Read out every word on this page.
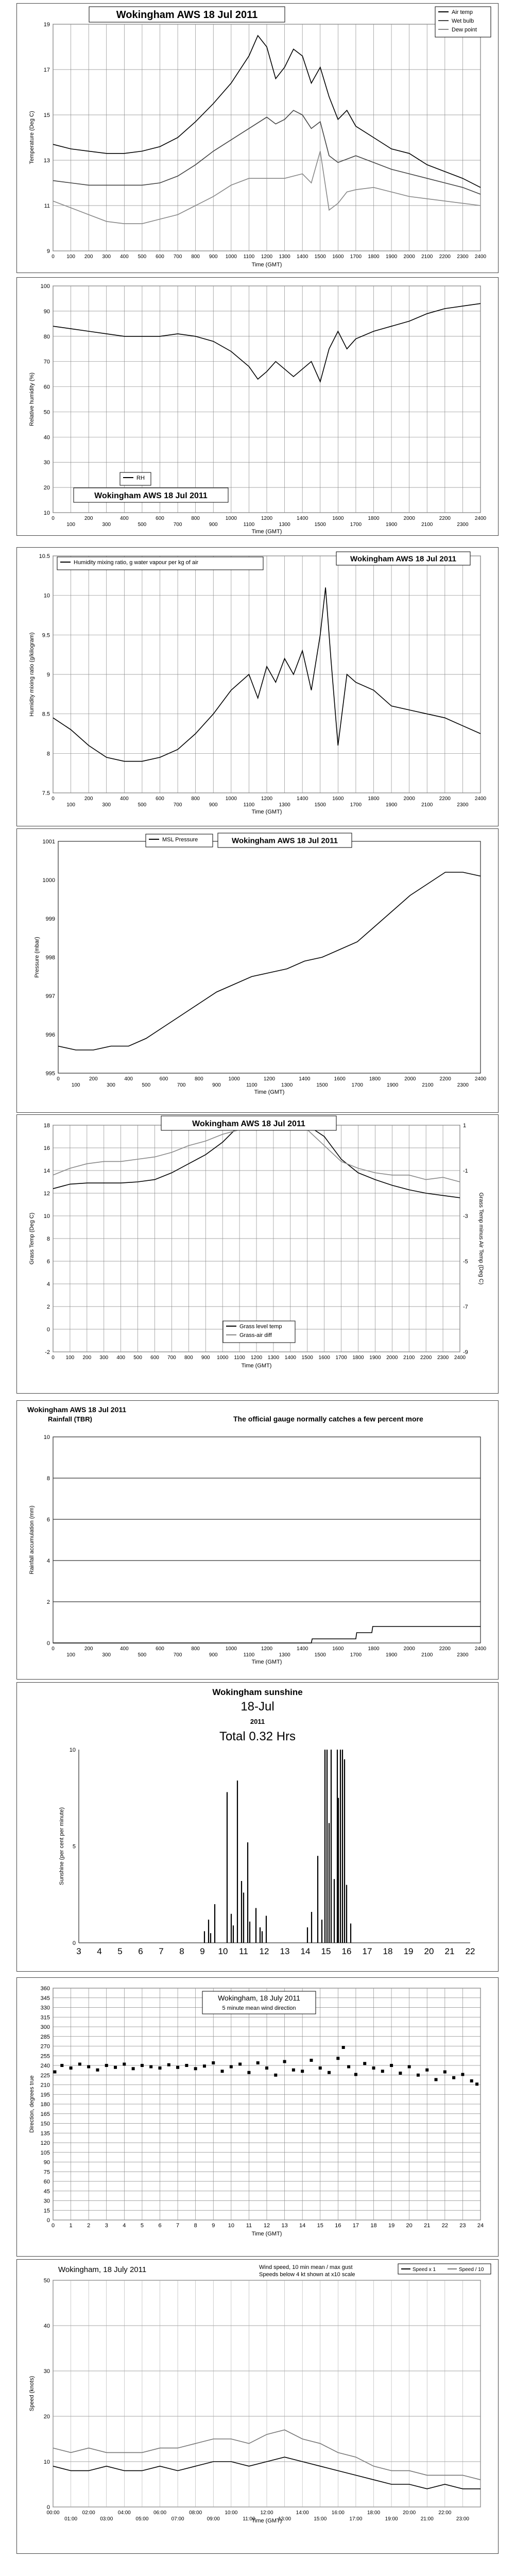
9
11
13
15
17
19
0 100 200 300 400 500 600 700 800 900 1000 1100 1200 1300 1400 1500 1600 1700 1800 1900 2000 2100 2200 2300 2400
Time (GMT)
Temperature (Deg C)
Wokingham AWS 18 Jul 2011	Air temp
Wet bulb
Dew point
10
20
30
40
50
60
70
80
90
100
0
100
200
300
400
500
600
700
800
900
1000
1100
1200
1300
1400
1500
1600
1700
1800
1900
2000
2100
2200
2300
2400
Time (GMT)
Relative humidity (%)
RH
Wokingham AWS 18 Jul 2011
7.5
8
8.5
9
9.5
10
10.5
0
100
200
300
400
500
600
700
800
900
1000
1100
1200
1300
1400
1500
1600
1700
1800
1900
2000
2100
2200
2300
2400
Time (GMT)
Humidity mixing ratio (g/kilogram)
Humidity mixing ratio, g water vapour per kg of air	Wokingham AWS 18 Jul 2011
995
996
997
998
999
1000
1001
0
100
200
300
400
500
600
700
800
900
1000
1100
1200
1300
1400
1500
1600
1700
1800
1900
2000
2100
2200
2300
2400
Time (GMT)
Pressure (mbar)
MSL Pressure	Wokingham AWS 18 Jul 2011
-2
0
2
4
6
8
10
12
14
16
18
0 100 200 300 400 500 600 700 800 900 1000 1100 1200 1300 1400 1500 1600 1700 1800 1900 2000 2100 2200 2300 2400
Time (GMT)
Grass Temp (Deg C)
-9
-7
-5
-3
-1
1
Grass Temp minus Air Temp (Deg C)
Grass level temp
Grass-air diff
Wokingham AWS 18 Jul 2011
0
2
4
6
8
10
0
100
200
300
400
500
600
700
800
900
1000
1100
1200
1300
1400
1500
1600
1700
1800
1900
2000
2100
2200
2300
2400
Time (GMT)
Rainfall accumulation (mm)
Wokingham AWS 18 Jul 2011
Rainfall (TBR)	The official gauge normally catches a few percent more
0
5
10
3 4 5 6 7 8 9 10 11 12 13 14 15 16 17 18 19 20 21 22
Sunshine (per cent per minute)
Wokingham sunshine
18-Jul
2011
Total 0.32 Hrs
0
15
30
45
60
75
90
105
120
135
150
165
180
195
210
225
240
255
270
285
300
315
330
345
360
0	1	2	3	4	5	6	7	8	9 10 11 12 13 14 15 16 17 18 19 20 21 22 23 24
Time (GMT)
Direction, degrees true
Wokingham, 18 July 2011
5 minute mean wind direction
0
10
20
30
40
50
Time (GMT)
Speed (knots)
00:00	02:00	04:00	06:00	08:00	10:00	12:00	14:00	16:00	18:00	20:00	22:00
01:00	03:00	05:00	07:00	09:00	11:00	13:00	15:00	17:00	19:00	21:00	23:00
Wokingham, 18 July 2011	Wind speed, 10 min mean / max gust
Speeds below 4 kt shown at x10 scale
Speed x 1	Speed / 10
